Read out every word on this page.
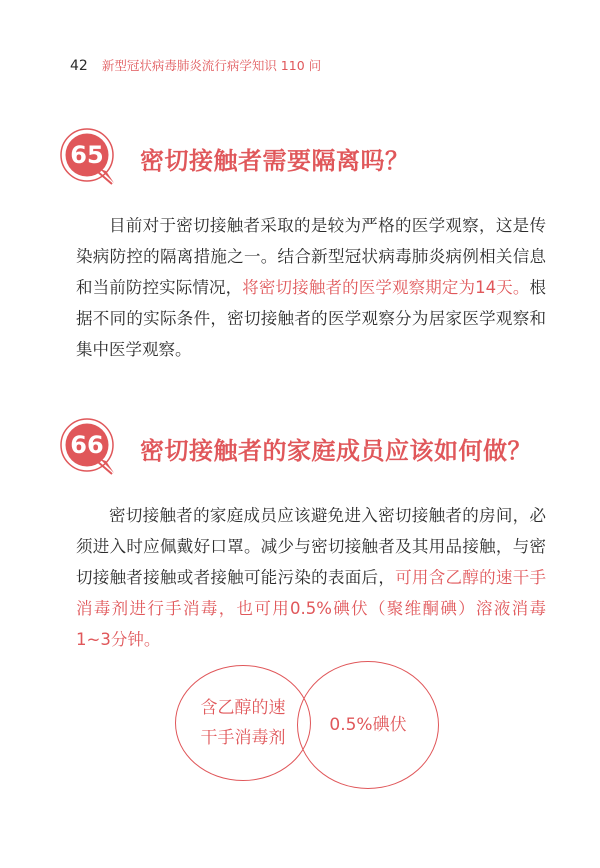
42 新型冠状病毒肺炎流行病学知识 110 问
65	密切接触者需要隔离吗？

目前对于密切接触者采取的是较为严格的医学观察，这是传染病防控的隔离措施之一。结合新型冠状病毒肺炎病例相关信息和当前防控实际情况，将密切接触者的医学观察期定为14天。根据不同的实际条件，密切接触者的医学观察分为居家医学观察和集中医学观察。

66	密切接触者的家庭成员应该如何做？

密切接触者的家庭成员应该避免进入密切接触者的房间，必须进入时应佩戴好口罩。减少与密切接触者及其用品接触，与密切接触者接触或者接触可能污染的表面后，可用含乙醇的速干手消毒剂进行手消毒，也可用0.5%碘伏（聚维酮碘）溶液消毒1~3分钟。

含乙醇的速
干手消毒剂
0.5%碘伏
